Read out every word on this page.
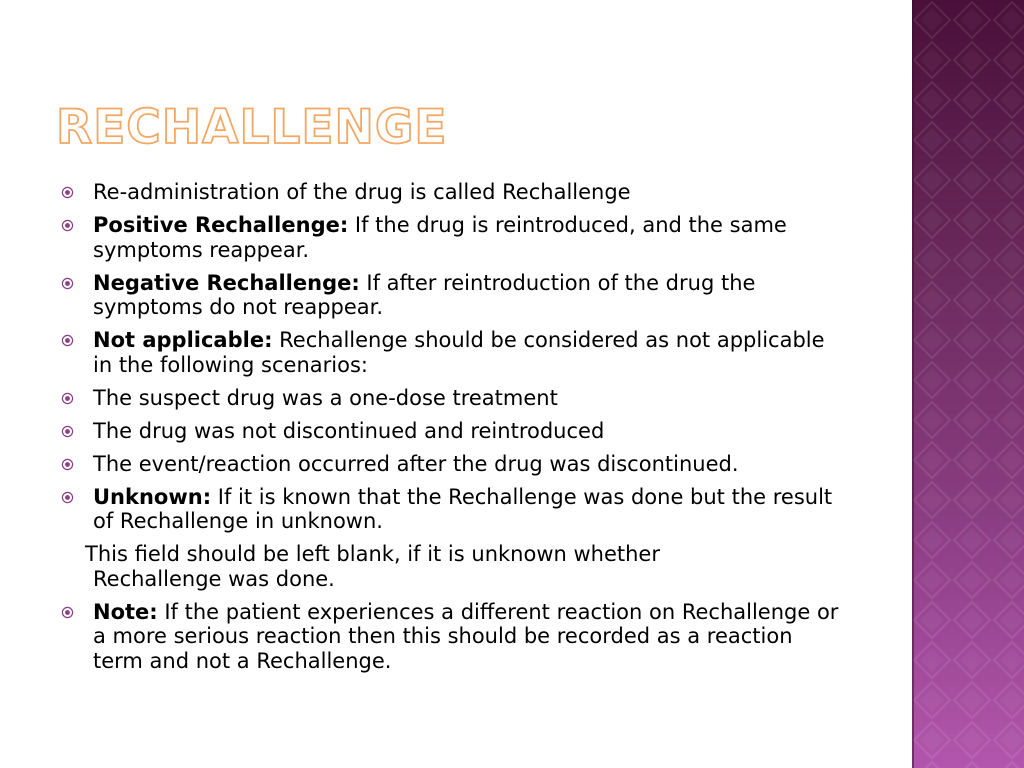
RECHALLENGE
Re-administration of the drug is called Rechallenge
Positive Rechallenge: If the drug is reintroduced, and the same symptoms reappear.
Negative Rechallenge: If after reintroduction of the drug the symptoms do not reappear.
Not applicable: Rechallenge should be considered as not applicable in the following scenarios:
The suspect drug was a one-dose treatment
The drug was not discontinued and reintroduced
The event/reaction occurred after the drug was discontinued.
Unknown: If it is known that the Rechallenge was done but the result of Rechallenge in unknown.
This field should be left blank, if it is unknown whether
Rechallenge was done.
Note: If the patient experiences a different reaction on Rechallenge or a more serious reaction then this should be recorded as a reaction term and not a Rechallenge.
